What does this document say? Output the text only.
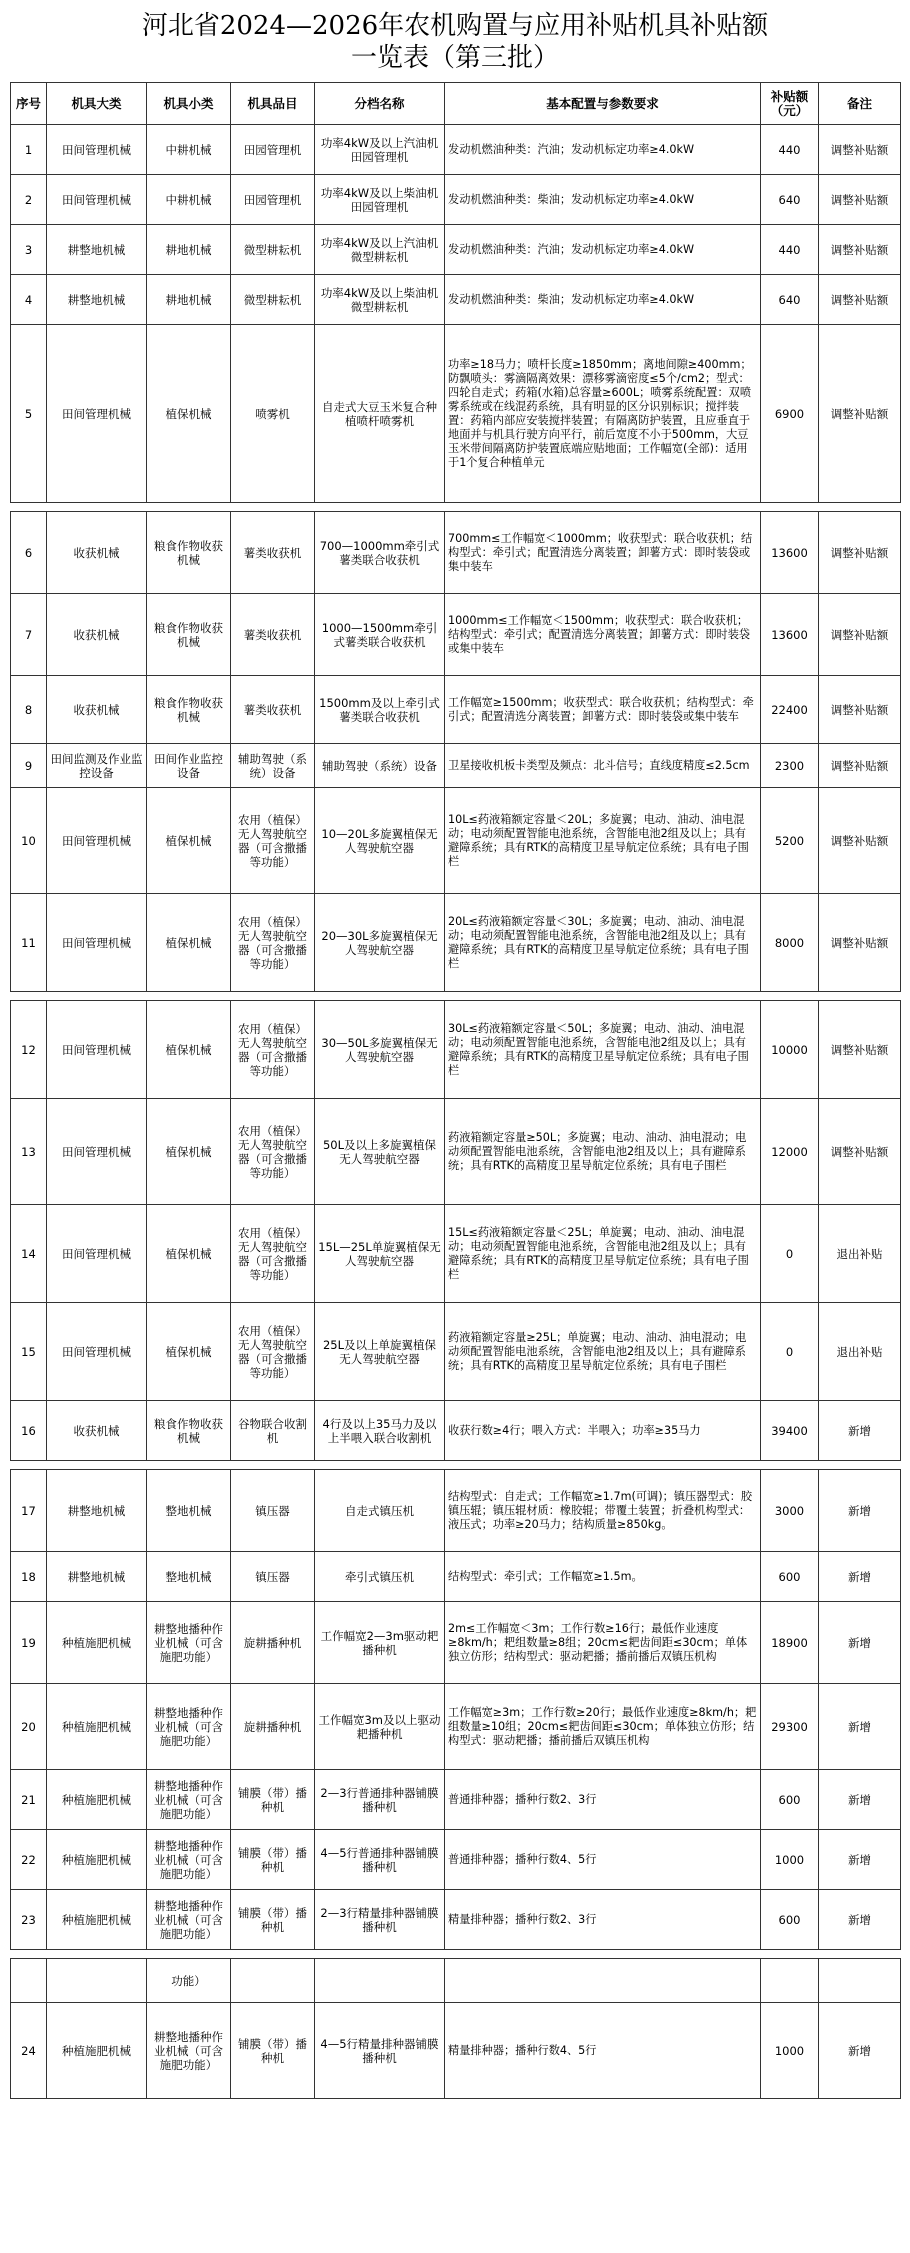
河北省2024—2026年农机购置与应用补贴机具补贴额
一览表（第三批）
序号	机具大类	机具小类	机具品目	分档名称	基本配置与参数要求	补贴额（元）	备注
1	田间管理机械	中耕机械	田园管理机	功率4kW及以上汽油机田园管理机	发动机燃油种类：汽油；发动机标定功率≥4.0kW	440	调整补贴额
2	田间管理机械	中耕机械	田园管理机	功率4kW及以上柴油机田园管理机	发动机燃油种类：柴油；发动机标定功率≥4.0kW	640	调整补贴额
3	耕整地机械	耕地机械	微型耕耘机	功率4kW及以上汽油机微型耕耘机	发动机燃油种类：汽油；发动机标定功率≥4.0kW	440	调整补贴额
4	耕整地机械	耕地机械	微型耕耘机	功率4kW及以上柴油机微型耕耘机	发动机燃油种类：柴油；发动机标定功率≥4.0kW	640	调整补贴额
5	田间管理机械	植保机械	喷雾机	自走式大豆玉米复合种植喷杆喷雾机	功率≥18马力；喷杆长度≥1850mm；离地间隙≥400mm；防飘喷头：雾滴隔离效果：漂移雾滴密度≤5个/cm2；型式：四轮自走式；药箱(水箱)总容量≥600L；喷雾系统配置：双喷雾系统或在线混药系统，具有明显的区分识别标识；搅拌装置：药箱内部应安装搅拌装置；有隔离防护装置，且应垂直于地面并与机具行驶方向平行，前后宽度不小于500mm，大豆玉米带间隔离防护装置底端应贴地面；工作幅宽(全部)：适用于1个复合种植单元	6900	调整补贴额

6	收获机械	粮食作物收获机械	薯类收获机	700—1000mm牵引式薯类联合收获机	700mm≤工作幅宽＜1000mm；收获型式：联合收获机；结构型式：牵引式；配置清选分离装置；卸薯方式：即时装袋或集中装车	13600	调整补贴额
7	收获机械	粮食作物收获机械	薯类收获机	1000—1500mm牵引式薯类联合收获机	1000mm≤工作幅宽＜1500mm；收获型式：联合收获机；结构型式：牵引式；配置清选分离装置；卸薯方式：即时装袋或集中装车	13600	调整补贴额
8	收获机械	粮食作物收获机械	薯类收获机	1500mm及以上牵引式薯类联合收获机	工作幅宽≥1500mm；收获型式：联合收获机；结构型式：牵引式；配置清选分离装置；卸薯方式：即时装袋或集中装车	22400	调整补贴额
9	田间监测及作业监控设备	田间作业监控设备	辅助驾驶（系统）设备	辅助驾驶（系统）设备	卫星接收机板卡类型及频点：北斗信号；直线度精度≤2.5cm	2300	调整补贴额
10	田间管理机械	植保机械	农用（植保）无人驾驶航空器（可含撒播等功能）	10—20L多旋翼植保无人驾驶航空器	10L≤药液箱额定容量＜20L；多旋翼；电动、油动、油电混动；电动须配置智能电池系统，含智能电池2组及以上；具有避障系统；具有RTK的高精度卫星导航定位系统；具有电子围栏	5200	调整补贴额
11	田间管理机械	植保机械	农用（植保）无人驾驶航空器（可含撒播等功能）	20—30L多旋翼植保无人驾驶航空器	20L≤药液箱额定容量＜30L；多旋翼；电动、油动、油电混动；电动须配置智能电池系统，含智能电池2组及以上；具有避障系统；具有RTK的高精度卫星导航定位系统；具有电子围栏	8000	调整补贴额

12	田间管理机械	植保机械	农用（植保）无人驾驶航空器（可含撒播等功能）	30—50L多旋翼植保无人驾驶航空器	30L≤药液箱额定容量＜50L；多旋翼；电动、油动、油电混动；电动须配置智能电池系统，含智能电池2组及以上；具有避障系统；具有RTK的高精度卫星导航定位系统；具有电子围栏	10000	调整补贴额
13	田间管理机械	植保机械	农用（植保）无人驾驶航空器（可含撒播等功能）	50L及以上多旋翼植保无人驾驶航空器	药液箱额定容量≥50L；多旋翼；电动、油动、油电混动；电动须配置智能电池系统，含智能电池2组及以上；具有避障系统；具有RTK的高精度卫星导航定位系统；具有电子围栏	12000	调整补贴额
14	田间管理机械	植保机械	农用（植保）无人驾驶航空器（可含撒播等功能）	15L—25L单旋翼植保无人驾驶航空器	15L≤药液箱额定容量＜25L；单旋翼；电动、油动、油电混动；电动须配置智能电池系统，含智能电池2组及以上；具有避障系统；具有RTK的高精度卫星导航定位系统；具有电子围栏	0	退出补贴
15	田间管理机械	植保机械	农用（植保）无人驾驶航空器（可含撒播等功能）	25L及以上单旋翼植保无人驾驶航空器	药液箱额定容量≥25L；单旋翼；电动、油动、油电混动；电动须配置智能电池系统，含智能电池2组及以上；具有避障系统；具有RTK的高精度卫星导航定位系统；具有电子围栏	0	退出补贴
16	收获机械	粮食作物收获机械	谷物联合收割机	4行及以上35马力及以上半喂入联合收割机	收获行数≥4行；喂入方式：半喂入；功率≥35马力	39400	新增

17	耕整地机械	整地机械	镇压器	自走式镇压机	结构型式：自走式；工作幅宽≥1.7m(可调)；镇压器型式：胶镇压辊；镇压辊材质：橡胶辊；带覆土装置；折叠机构型式：液压式；功率≥20马力；结构质量≥850kg。	3000	新增
18	耕整地机械	整地机械	镇压器	牵引式镇压机	结构型式：牵引式；工作幅宽≥1.5m。	600	新增
19	种植施肥机械	耕整地播种作业机械（可含施肥功能）	旋耕播种机	工作幅宽2—3m驱动耙播种机	2m≤工作幅宽＜3m；工作行数≥16行；最低作业速度≥8km/h；耙组数量≥8组；20cm≤耙齿间距≤30cm；单体独立仿形；结构型式：驱动耙播；播前播后双镇压机构	18900	新增
20	种植施肥机械	耕整地播种作业机械（可含施肥功能）	旋耕播种机	工作幅宽3m及以上驱动耙播种机	工作幅宽≥3m；工作行数≥20行；最低作业速度≥8km/h；耙组数量≥10组；20cm≤耙齿间距≤30cm；单体独立仿形；结构型式：驱动耙播；播前播后双镇压机构	29300	新增
21	种植施肥机械	耕整地播种作业机械（可含施肥功能）	铺膜（带）播种机	2—3行普通排种器铺膜播种机	普通排种器；播种行数2、3行	600	新增
22	种植施肥机械	耕整地播种作业机械（可含施肥功能）	铺膜（带）播种机	4—5行普通排种器铺膜播种机	普通排种器；播种行数4、5行	1000	新增
23	种植施肥机械	耕整地播种作业机械（可含施肥功能）	铺膜（带）播种机	2—3行精量排种器铺膜播种机	精量排种器；播种行数2、3行	600	新增

		功能）					
24	种植施肥机械	耕整地播种作业机械（可含施肥功能）	铺膜（带）播种机	4—5行精量排种器铺膜播种机	精量排种器；播种行数4、5行	1000	新增
